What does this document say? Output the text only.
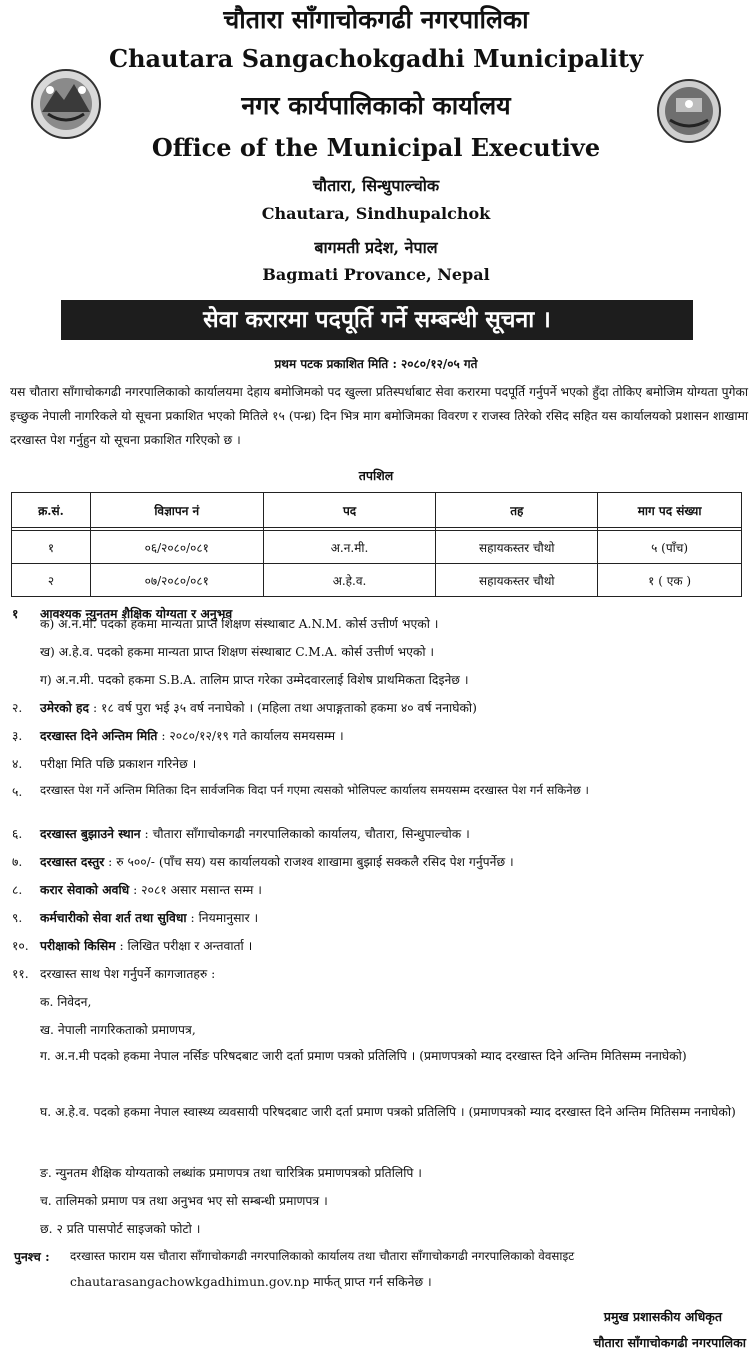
चौतारा साँगाचोकगढी नगरपालिका
Chautara Sangachokgadhi Municipality
नगर कार्यपालिकाको कार्यालय
Office of the Municipal Executive
चौतारा, सिन्धुपाल्चोक
Chautara, Sindhupalchok
बागमती प्रदेश, नेपाल
Bagmati Provance, Nepal
सेवा करारमा पदपूर्ति गर्ने सम्बन्धी सूचना ।
प्रथम पटक प्रकाशित मिति : २०८०/१२/०५ गते

यस चौतारा साँगाचोकगढी नगरपालिकाको कार्यालयमा देहाय बमोजिमको पद खुल्ला प्रतिस्पर्धाबाट सेवा करारमा पदपूर्ति गर्नुपर्ने भएको हुँदा तोकिए बमोजिम योग्यता पुगेका इच्छुक नेपाली नागरिकले यो सूचना प्रकाशित भएको मितिले १५ (पन्ध्र) दिन भित्र माग बमोजिमका विवरण र राजस्व तिरेको रसिद सहित यस कार्यालयको प्रशासन शाखामा दरखास्त पेश गर्नुहुन यो सूचना प्रकाशित गरिएको छ ।

तपशिल
क्र.सं.	विज्ञापन नं	पद	तह	माग पद संख्या

१	०६/२०८०/०८१	अ.न.मी.	सहायकस्तर चौथो	५ (पाँच)
२	०७/२०८०/०८१	अ.हे.व.	सहायकस्तर चौथो	१ ( एक )
१ आवश्यक न्युनतम शैक्षिक योग्यता र अनुभव
क) अ.न.मी. पदको हकमा मान्यता प्राप्त शिक्षण संस्थाबाट A.N.M. कोर्स उत्तीर्ण भएको ।
ख) अ.हे.व. पदको हकमा मान्यता प्राप्त शिक्षण संस्थाबाट C.M.A. कोर्स उत्तीर्ण भएको ।
ग) अ.न.मी. पदको हकमा S.B.A. तालिम प्राप्त गरेका उम्मेदवारलाई विशेष प्राथमिकता दिइनेछ ।
२. उमेरको हद : १८ वर्ष पुरा भई ३५ वर्ष ननाघेको । (महिला तथा अपाङ्गताको हकमा ४० वर्ष ननाघेको)
३. दरखास्त दिने अन्तिम मिति : २०८०/१२/१९ गते कार्यालय समयसम्म ।
४. परीक्षा मिति पछि प्रकाशन गरिनेछ ।
५. दरखास्त पेश गर्ने अन्तिम मितिका दिन सार्वजनिक विदा पर्न गएमा त्यसको भोलिपल्ट कार्यालय समयसम्म दरखास्त पेश गर्न सकिनेछ ।
६. दरखास्त बुझाउने स्थान : चौतारा साँगाचोकगढी नगरपालिकाको कार्यालय, चौतारा, सिन्धुपाल्चोक ।
७. दरखास्त दस्तुर : रु ५००/- (पाँच सय) यस कार्यालयको राजश्व शाखामा बुझाई सक्कलै रसिद पेश गर्नुपर्नेछ ।
८. करार सेवाको अवधि : २०८१ असार मसान्त सम्म ।
९. कर्मचारीको सेवा शर्त तथा सुविधा : नियमानुसार ।
१०. परीक्षाको किसिम : लिखित परीक्षा र अन्तवार्ता ।
११. दरखास्त साथ पेश गर्नुपर्ने कागजातहरु :
क. निवेदन,
ख. नेपाली नागरिकताको प्रमाणपत्र,
ग. अ.न.मी पदको हकमा नेपाल नर्सिङ परिषदबाट जारी दर्ता प्रमाण पत्रको प्रतिलिपि । (प्रमाणपत्रको म्याद दरखास्त दिने अन्तिम मितिसम्म ननाघेको)
घ. अ.हे.व. पदको हकमा नेपाल स्वास्थ्य व्यवसायी परिषदबाट जारी दर्ता प्रमाण पत्रको प्रतिलिपि । (प्रमाणपत्रको म्याद दरखास्त दिने अन्तिम मितिसम्म ननाघेको)
ङ. न्युनतम शैक्षिक योग्यताको लब्धांक प्रमाणपत्र तथा चारित्रिक प्रमाणपत्रको प्रतिलिपि ।
च. तालिमको प्रमाण पत्र तथा अनुभव भए सो सम्बन्धी प्रमाणपत्र ।
छ. २ प्रति पासपोर्ट साइजको फोटो ।
पुनश्च : दरखास्त फाराम यस चौतारा साँगाचोकगढी नगरपालिकाको कार्यालय तथा चौतारा साँगाचोकगढी नगरपालिकाको वेवसाइट
chautarasangachowkgadhimun.gov.np मार्फत् प्राप्त गर्न सकिनेछ ।
प्रमुख प्रशासकीय अधिकृत
चौतारा साँगाचोकगढी नगरपालिका
